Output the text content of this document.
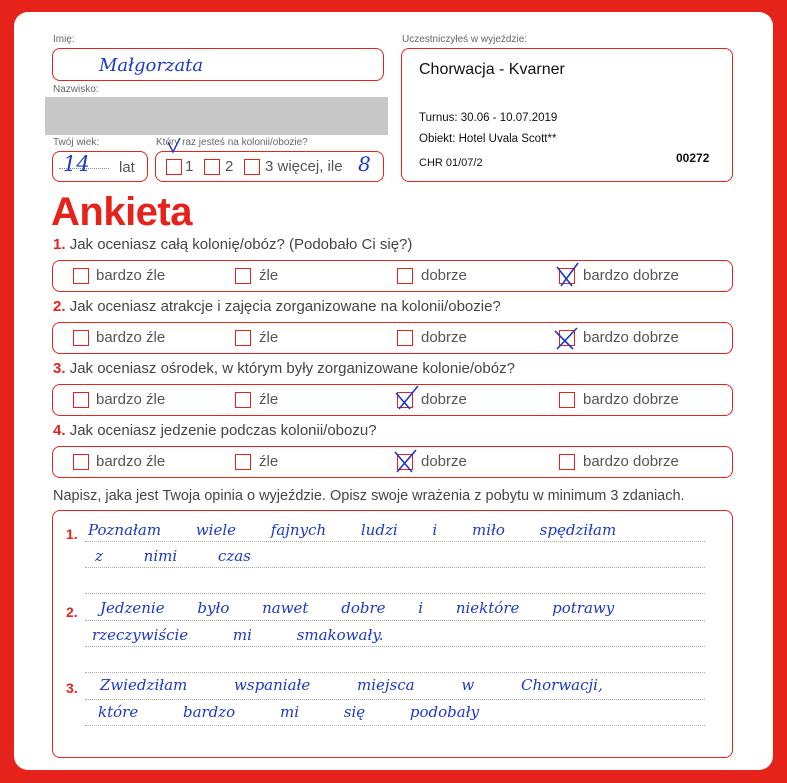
Imię:
Małgorzata
Nazwisko:
Twój wiek:
14 lat
Który raz jesteś na kolonii/obozie?
1 2 3 więcej, ile 8
Uczestniczyłeś w wyjeździe:
Chorwacja - Kvarner
Turnus: 30.06 - 10.07.2019
Obiekt: Hotel Uvala Scott**
CHR 01/07/2	00272
Ankieta
1. Jak oceniasz całą kolonię/obóz? (Podobało Ci się?)
bardzo źle	źle	dobrze	bardzo dobrze
2. Jak oceniasz atrakcje i zajęcia zorganizowane na kolonii/obozie?
bardzo źle	źle	dobrze	bardzo dobrze
3. Jak oceniasz ośrodek, w którym były zorganizowane kolonie/obóz?
bardzo źle	źle	dobrze	bardzo dobrze
4. Jak oceniasz jedzenie podczas kolonii/obozu?
bardzo źle	źle	dobrze	bardzo dobrze
Napisz, jaka jest Twoja opinia o wyjeździe. Opisz swoje wrażenia z pobytu w minimum 3 zdaniach.
1. Poznałam wiele fajnych ludzi i miło spędziłam
z nimi czas
2. Jedzenie było nawet dobre i niektóre potrawy
rzeczywiście mi smakowały.
3. Zwiedziłam wspaniałe miejsca w Chorwacji,
które bardzo mi się podobały
